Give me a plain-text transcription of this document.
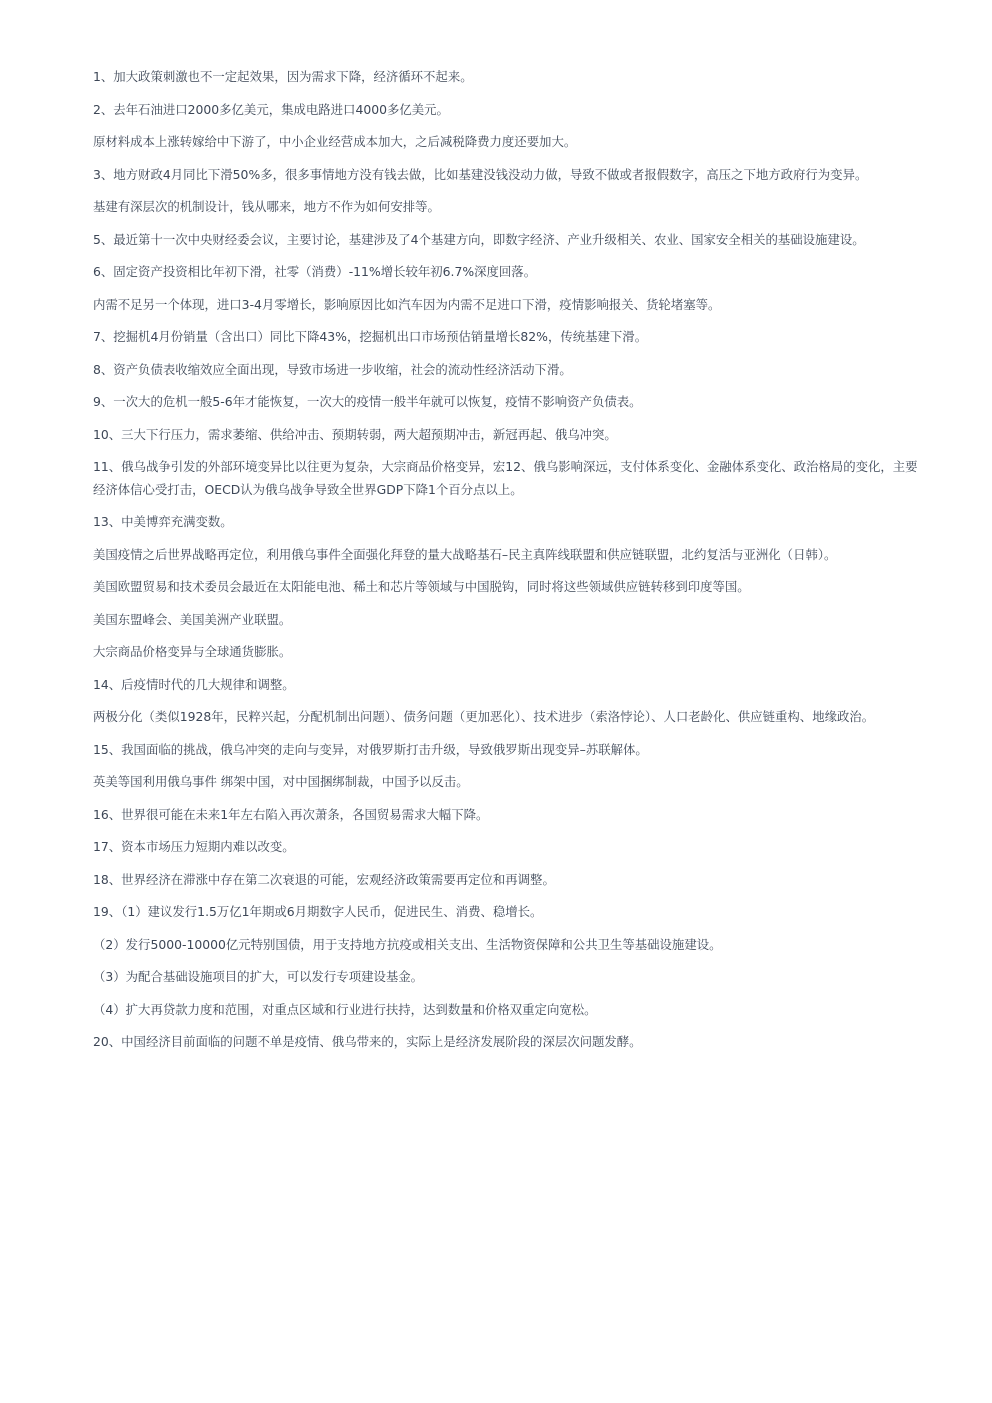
1、加大政策刺激也不一定起效果，因为需求下降，经济循环不起来。

2、去年石油进口2000多亿美元，集成电路进口4000多亿美元。

原材料成本上涨转嫁给中下游了，中小企业经营成本加大，之后减税降费力度还要加大。

3、地方财政4月同比下滑50%多，很多事情地方没有钱去做，比如基建没钱没动力做，导致不做或者报假数字，高压之下地方政府行为变异。

基建有深层次的机制设计，钱从哪来，地方不作为如何安排等。

5、最近第十一次中央财经委会议，主要讨论，基建涉及了4个基建方向，即数字经济、产业升级相关、农业、国家安全相关的基础设施建设。

6、固定资产投资相比年初下滑，社零（消费）-11%增长较年初6.7%深度回落。

内需不足另一个体现，进口3-4月零增长，影响原因比如汽车因为内需不足进口下滑，疫情影响报关、货轮堵塞等。

7、挖掘机4月份销量（含出口）同比下降43%，挖掘机出口市场预估销量增长82%，传统基建下滑。

8、资产负债表收缩效应全面出现，导致市场进一步收缩，社会的流动性经济活动下滑。

9、一次大的危机一般5-6年才能恢复，一次大的疫情一般半年就可以恢复，疫情不影响资产负债表。

10、三大下行压力，需求萎缩、供给冲击、预期转弱，两大超预期冲击，新冠再起、俄乌冲突。

11、俄乌战争引发的外部环境变异比以往更为复杂，大宗商品价格变异，宏12、俄乌影响深远，支付体系变化、金融体系变化、政治格局的变化，主要经济体信心受打击，OECD认为俄乌战争导致全世界GDP下降1个百分点以上。

13、中美博弈充满变数。

美国疫情之后世界战略再定位，利用俄乌事件全面强化拜登的量大战略基石–民主真阵线联盟和供应链联盟，北约复活与亚洲化（日韩）。

美国欧盟贸易和技术委员会最近在太阳能电池、稀土和芯片等领域与中国脱钩，同时将这些领域供应链转移到印度等国。

美国东盟峰会、美国美洲产业联盟。

大宗商品价格变异与全球通货膨胀。

14、后疫情时代的几大规律和调整。

两极分化（类似1928年，民粹兴起，分配机制出问题）、债务问题（更加恶化）、技术进步（索洛悖论）、人口老龄化、供应链重构、地缘政治。

15、我国面临的挑战，俄乌冲突的走向与变异，对俄罗斯打击升级，导致俄罗斯出现变异–苏联解体。

英美等国利用俄乌事件 绑架中国，对中国捆绑制裁，中国予以反击。

16、世界很可能在未来1年左右陷入再次萧条，各国贸易需求大幅下降。

17、资本市场压力短期内难以改变。

18、世界经济在滞涨中存在第二次衰退的可能，宏观经济政策需要再定位和再调整。

19、（1）建议发行1.5万亿1年期或6月期数字人民币，促进民生、消费、稳增长。

（2）发行5000-10000亿元特别国债，用于支持地方抗疫或相关支出、生活物资保障和公共卫生等基础设施建设。

（3）为配合基础设施项目的扩大，可以发行专项建设基金。

（4）扩大再贷款力度和范围，对重点区域和行业进行扶持，达到数量和价格双重定向宽松。

20、中国经济目前面临的问题不单是疫情、俄乌带来的，实际上是经济发展阶段的深层次问题发酵。
